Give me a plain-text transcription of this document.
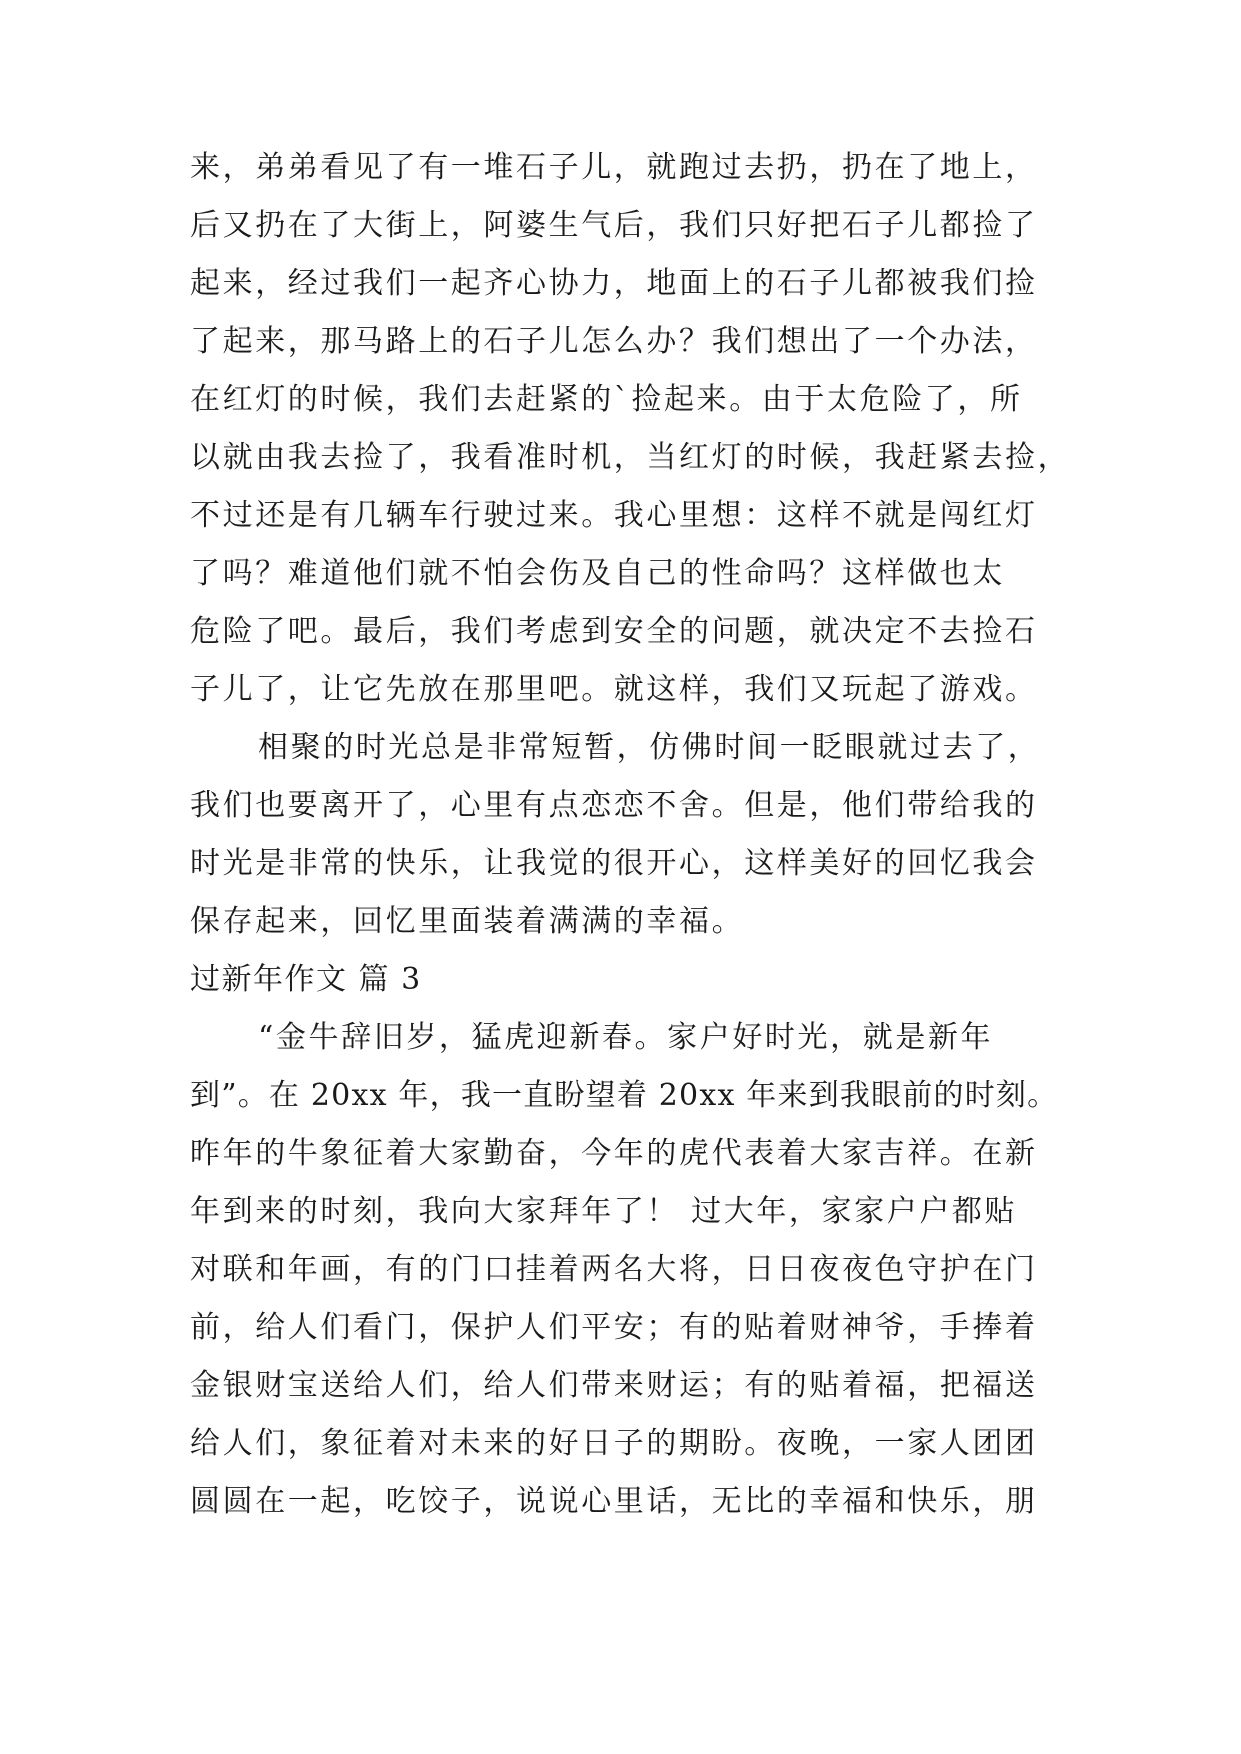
来，弟弟看见了有一堆石子儿，就跑过去扔，扔在了地上，
后又扔在了大街上，阿婆生气后，我们只好把石子儿都捡了
起来，经过我们一起齐心协力，地面上的石子儿都被我们捡
了起来，那马路上的石子儿怎么办？我们想出了一个办法，
在红灯的时候，我们去赶紧的`捡起来。由于太危险了，所
以就由我去捡了，我看准时机，当红灯的时候，我赶紧去捡，
不过还是有几辆车行驶过来。我心里想：这样不就是闯红灯
了吗？难道他们就不怕会伤及自己的性命吗？这样做也太
危险了吧。最后，我们考虑到安全的问题，就决定不去捡石
子儿了，让它先放在那里吧。就这样，我们又玩起了游戏。
相聚的时光总是非常短暂，仿佛时间一眨眼就过去了，
我们也要离开了，心里有点恋恋不舍。但是，他们带给我的
时光是非常的快乐，让我觉的很开心，这样美好的回忆我会
保存起来，回忆里面装着满满的幸福。
过新年作文 篇 3
“金牛辞旧岁，猛虎迎新春。家户好时光，就是新年
到”。在 20xx 年，我一直盼望着 20xx 年来到我眼前的时刻。
昨年的牛象征着大家勤奋，今年的虎代表着大家吉祥。在新
年到来的时刻，我向大家拜年了！ 过大年，家家户户都贴
对联和年画，有的门口挂着两名大将，日日夜夜色守护在门
前，给人们看门，保护人们平安；有的贴着财神爷，手捧着
金银财宝送给人们，给人们带来财运；有的贴着福，把福送
给人们，象征着对未来的好日子的期盼。夜晚，一家人团团
圆圆在一起，吃饺子，说说心里话，无比的幸福和快乐，朋
